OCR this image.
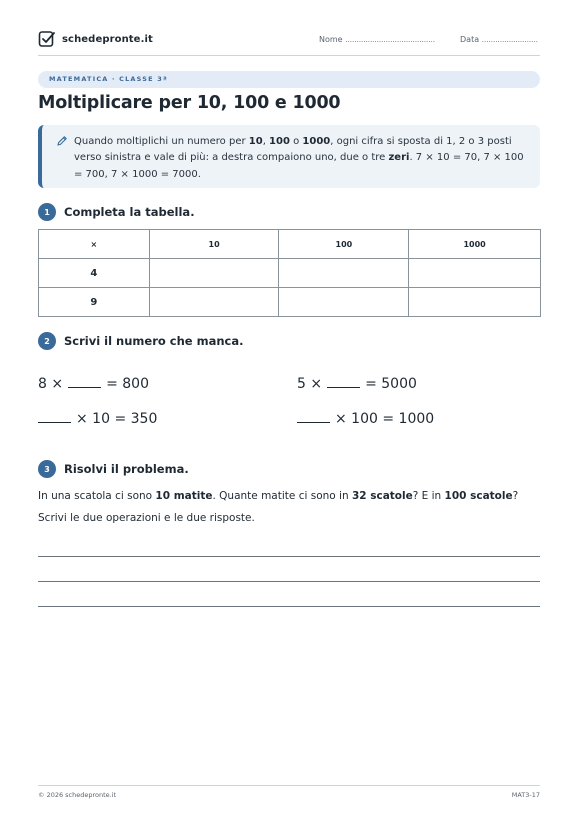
schedepronte.it	Nome ........................................	Data .........................
MATEMATICA · CLASSE 3ª
Moltiplicare per 10, 100 e 1000
Quando moltiplichi un numero per 10, 100 o 1000, ogni cifra si sposta di 1, 2 o 3 posti verso sinistra e vale di più: a destra compaiono uno, due o tre zeri. 7 × 10 = 70, 7 × 100 = 700, 7 × 1000 = 7000.
1	Completa la tabella.
×	10	100	1000
4			
9			
2	Scrivi il numero che manca.
8 ×	= 800	5 ×	= 5000
× 10 = 350	× 100 = 1000
3	Risolvi il problema.
In una scatola ci sono 10 matite. Quante matite ci sono in 32 scatole? E in 100 scatole?
Scrivi le due operazioni e le due risposte.
© 2026 schedepronte.it	MAT3-17
